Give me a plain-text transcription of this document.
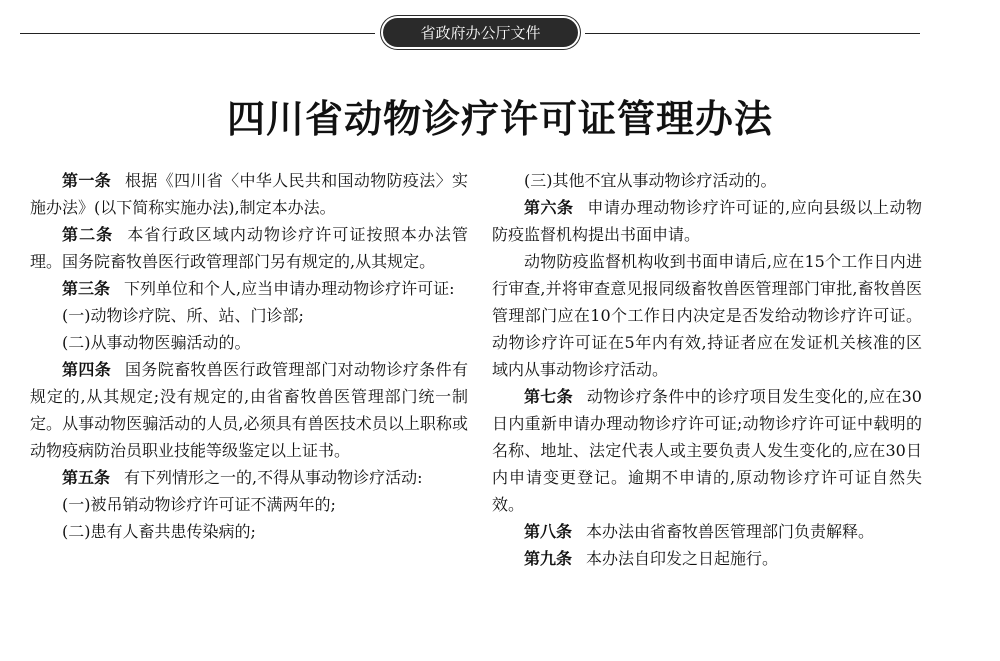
省政府办公厅文件
四川省动物诊疗许可证管理办法

第一条 根据《四川省〈中华人民共和国动物防疫法〉实施办法》(以下简称实施办法),制定本办法。

第二条 本省行政区域内动物诊疗许可证按照本办法管理。国务院畜牧兽医行政管理部门另有规定的,从其规定。

第三条 下列单位和个人,应当申请办理动物诊疗许可证:

(一)动物诊疗院、所、站、门诊部;

(二)从事动物医骟活动的。

第四条 国务院畜牧兽医行政管理部门对动物诊疗条件有规定的,从其规定;没有规定的,由省畜牧兽医管理部门统一制定。从事动物医骟活动的人员,必须具有兽医技术员以上职称或动物疫病防治员职业技能等级鉴定以上证书。

第五条 有下列情形之一的,不得从事动物诊疗活动:

(一)被吊销动物诊疗许可证不满两年的;

(二)患有人畜共患传染病的;

(三)其他不宜从事动物诊疗活动的。

第六条 申请办理动物诊疗许可证的,应向县级以上动物防疫监督机构提出书面申请。

动物防疫监督机构收到书面申请后,应在15个工作日内进行审查,并将审查意见报同级畜牧兽医管理部门审批,畜牧兽医管理部门应在10个工作日内决定是否发给动物诊疗许可证。动物诊疗许可证在5年内有效,持证者应在发证机关核准的区域内从事动物诊疗活动。

第七条 动物诊疗条件中的诊疗项目发生变化的,应在30日内重新申请办理动物诊疗许可证;动物诊疗许可证中载明的名称、地址、法定代表人或主要负责人发生变化的,应在30日内申请变更登记。逾期不申请的,原动物诊疗许可证自然失效。

第八条 本办法由省畜牧兽医管理部门负责解释。

第九条 本办法自印发之日起施行。
